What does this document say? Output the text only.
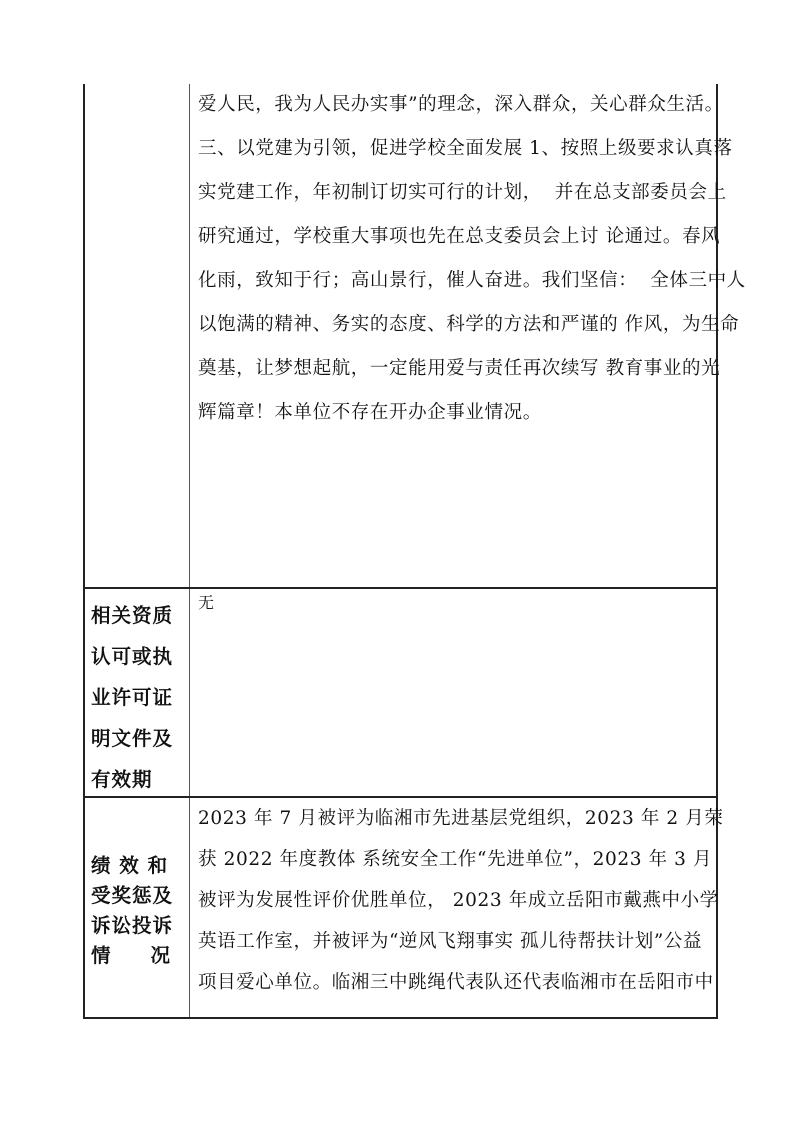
爱人民，我为人民办实事”的理念，深入群众，关心群众生活。
三、以党建为引领，促进学校全面发展 1、按照上级要求认真落
实党建工作，年初制订切实可行的计划，  并在总支部委员会上
研究通过，学校重大事项也先在总支委员会上讨 论通过。春风
化雨，致知于行；高山景行，催人奋进。我们坚信：  全体三中人
以饱满的精神、务实的态度、科学的方法和严谨的 作风，为生命
奠基，让梦想起航，一定能用爱与责任再次续写 教育事业的光
辉篇章！本单位不存在开办企事业情况。
相关资质
认可或执
业许可证
明文件及
有效期
无
绩 效 和
受奖惩及
诉讼投诉
情     况
2023 年 7 月被评为临湘市先进基层党组织，2023 年 2 月荣
获 2022 年度教体 系统安全工作“先进单位”，2023 年 3 月
被评为发展性评价优胜单位， 2023 年成立岳阳市戴燕中小学
英语工作室，并被评为“逆风飞翔事实 孤儿待帮扶计划”公益
项目爱心单位。临湘三中跳绳代表队还代表临湘市在岳阳市中
